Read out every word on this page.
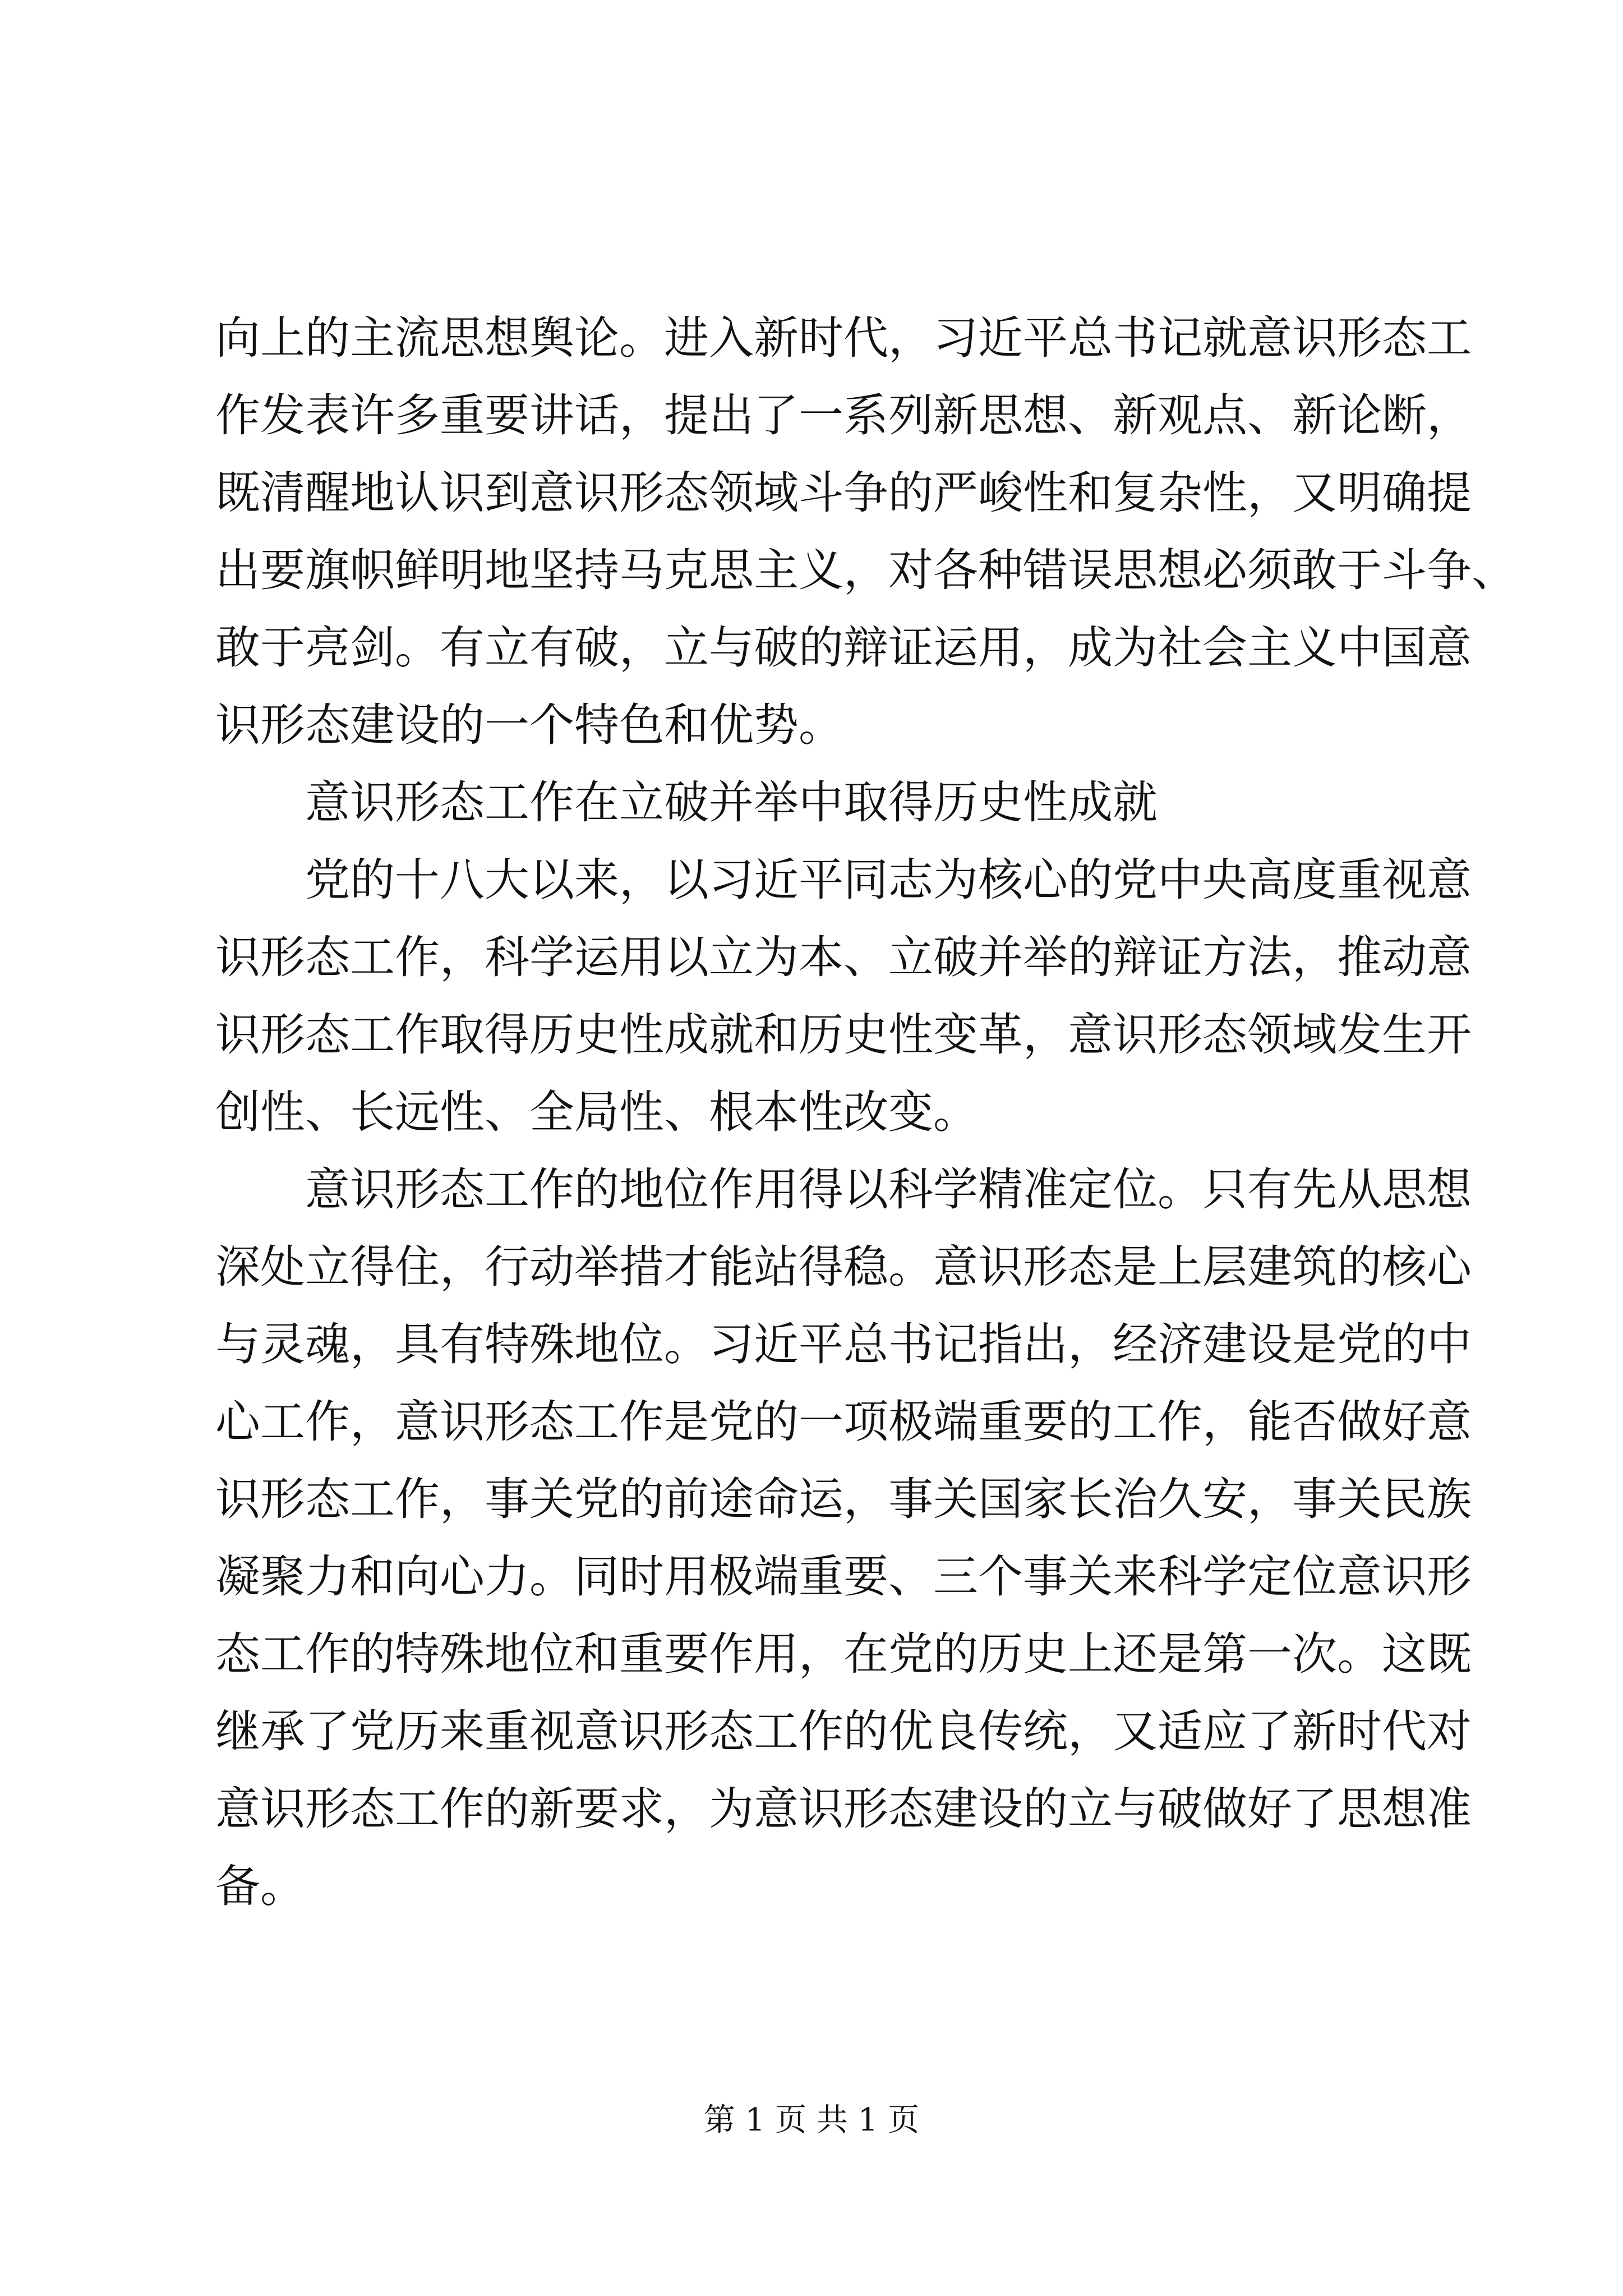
向上的主流思想舆论。进入新时代，习近平总书记就意识形态工
作发表许多重要讲话，提出了一系列新思想、新观点、新论断，
既清醒地认识到意识形态领域斗争的严峻性和复杂性，又明确提
出要旗帜鲜明地坚持马克思主义，对各种错误思想必须敢于斗争、
敢于亮剑。有立有破，立与破的辩证运用，成为社会主义中国意
识形态建设的一个特色和优势。
　　意识形态工作在立破并举中取得历史性成就
　　党的十八大以来，以习近平同志为核心的党中央高度重视意
识形态工作，科学运用以立为本、立破并举的辩证方法，推动意
识形态工作取得历史性成就和历史性变革，意识形态领域发生开
创性、长远性、全局性、根本性改变。
　　意识形态工作的地位作用得以科学精准定位。只有先从思想
深处立得住，行动举措才能站得稳。意识形态是上层建筑的核心
与灵魂，具有特殊地位。习近平总书记指出，经济建设是党的中
心工作，意识形态工作是党的一项极端重要的工作，能否做好意
识形态工作，事关党的前途命运，事关国家长治久安，事关民族
凝聚力和向心力。同时用极端重要、三个事关来科学定位意识形
态工作的特殊地位和重要作用，在党的历史上还是第一次。这既
继承了党历来重视意识形态工作的优良传统，又适应了新时代对
意识形态工作的新要求，为意识形态建设的立与破做好了思想准
备。
第 1 页 共 1 页
